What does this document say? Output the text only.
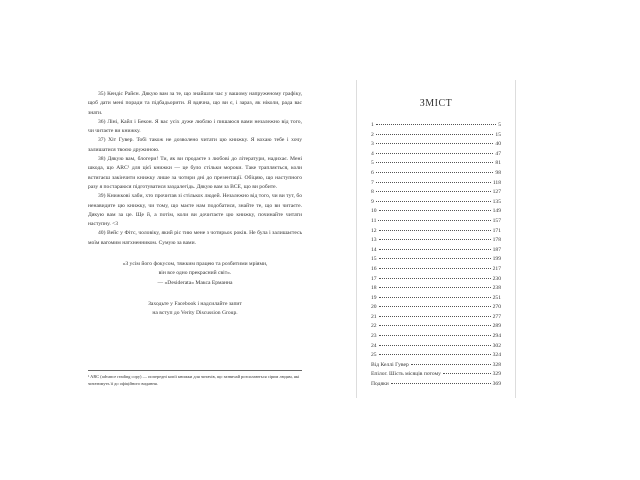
35) Кендіс Райєн. Дякую вам за те, що знайшли час у вашому напруженому графіку, щоб дати мені поради та підбадьорити. Я вдячна, що ви є, і зараз, як ніколи, рада вас знати.

36) Ліні, Кайл і Бекон. Я вас усіх дуже люблю і пишаюся вами незалежно від того, чи читаєте ви книжку.

37) Хіт Гувер. Тобі також не дозволено читати цю книжку. Я кохаю тебе і хочу залишатися твоєю дружиною.

38) Дякую вам, блогери! Ти, як ви продаєте з любові до літератури, надихає. Мені шкода, що ARC¹ для цієї книжки — це було стільки мороки. Таке трапляється, коли встигаєш закінчити книжку лише за чотири дні до презентації. Обіцяю, що наступного разу я постараюся підготуватися заздалегідь. Дякую вам за ВСЕ, що ви робите.

39) Книжкові хаби, хто прочитав зі стількох людей. Незалежно від того, чи ви тут, бо ненавидите цю книжку, чи тому, що маєте нам подобатися, знайте те, що ви читаєте. Дякую вам за це. Ще й, а потім, коли ви дочитаєте цю книжку, починайте читати наступну. <3

40) Вейс у Фітс, чоловіку, який ріс тию мене з чотирьох років. Не була і залишаєтесь моїм вагомим натхненником. Сумую за вами.

«З усім його фокусом, тяжким працею та розбитими мріями,
він все одно прекрасний світ».
— «Desiderata» Макса Ерманна
Заходьте у Facebook і надсилайте запит
на вступ до Verity Discussion Group.
¹ ARC (advance reading copy) — попередні копії книжки для читачів, що зазвичай розсилаються сірим людям, які читатимуть її до офіційного видання.
ЗМІСТ
1	5
2	15
3	40
4	47
5	81
6	98
7	118
8	127
9	135
10	149
11	157
12	171
13	178
14	187
15	199
16	217
17	230
18	238
19	251
20	270
21	277
22	289
23	294
24	302
25	324
Від Келлі Гувер	328
Епілог. Шість місяців потому	329
Подяки	369
